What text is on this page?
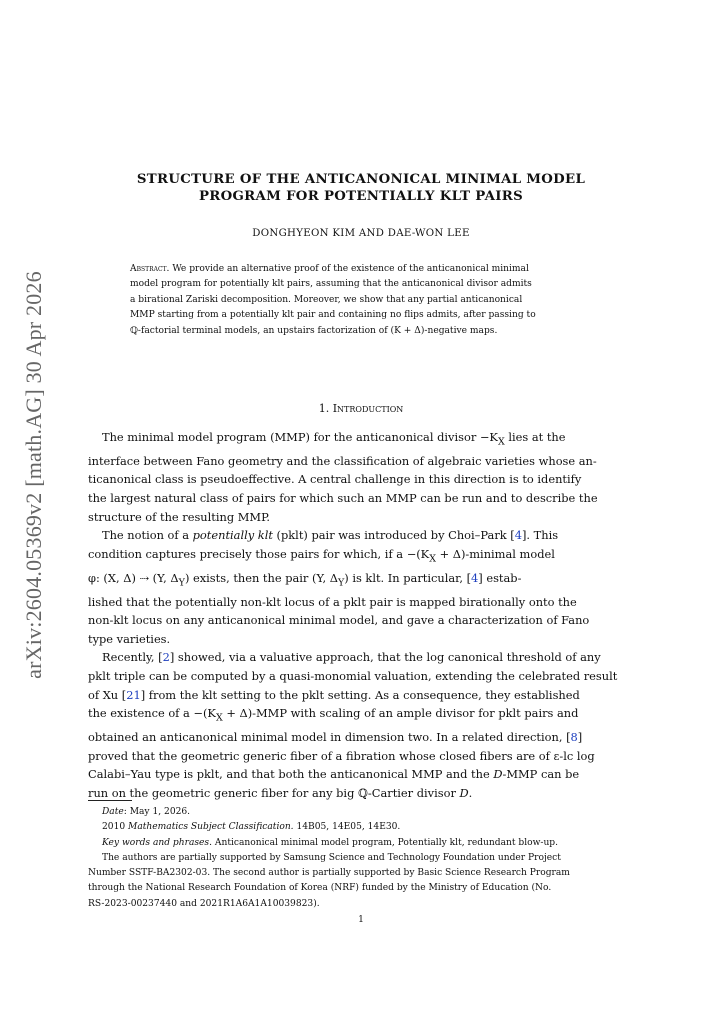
arXiv:2604.05369v2 [math.AG] 30 Apr 2026
STRUCTURE OF THE ANTICANONICAL MINIMAL MODEL
PROGRAM FOR POTENTIALLY KLT PAIRS
DONGHYEON KIM AND DAE-WON LEE
Abstract. We provide an alternative proof of the existence of the anticanonical minimal
model program for potentially klt pairs, assuming that the anticanonical divisor admits
a birational Zariski decomposition. Moreover, we show that any partial anticanonical
MMP starting from a potentially klt pair and containing no flips admits, after passing to
ℚ-factorial terminal models, an upstairs factorization of (K + Δ)-negative maps.
1. Introduction
The minimal model program (MMP) for the anticanonical divisor $-K_X$ lies at the
interface between Fano geometry and the classification of algebraic varieties whose an-
ticanonical class is pseudoeffective. A central challenge in this direction is to identify
the largest natural class of pairs for which such an MMP can be run and to describe the
structure of the resulting MMP.
The notion of a potentially klt (pklt) pair was introduced by Choi–Park [4]. This
condition captures precisely those pairs for which, if $a -(K_X$ + Δ)-minimal model
φ: (X, Δ) ⇢ (Y, $\Delta_Y$) exists, then the pair (Y, $\Delta_Y$) is klt. In particular, [4] estab-
lished that the potentially non-klt locus of a pklt pair is mapped birationally onto the
non-klt locus on any anticanonical minimal model, and gave a characterization of Fano
type varieties.
Recently, [2] showed, via a valuative approach, that the log canonical threshold of any
pklt triple can be computed by a quasi-monomial valuation, extending the celebrated result
of Xu [21] from the klt setting to the pklt setting. As a consequence, they established
the existence of $a -(K_X + \Delta)-MMP$ with scaling of an ample divisor for pklt pairs and
obtained an anticanonical minimal model in dimension two. In a related direction, [8]
proved that the geometric generic fiber of a fibration whose closed fibers are of ε-lc log
Calabi–Yau type is pklt, and that both the anticanonical MMP and the D-MMP can be
run on the geometric generic fiber for any big ℚ-Cartier divisor D.
Date: May 1, 2026.
2010 Mathematics Subject Classification. 14B05, 14E05, 14E30.
Key words and phrases. Anticanonical minimal model program, Potentially klt, redundant blow-up.
The authors are partially supported by Samsung Science and Technology Foundation under Project
Number SSTF-BA2302-03. The second author is partially supported by Basic Science Research Program
through the National Research Foundation of Korea (NRF) funded by the Ministry of Education (No.
RS-2023-00237440 and 2021R1A6A1A10039823).
1
